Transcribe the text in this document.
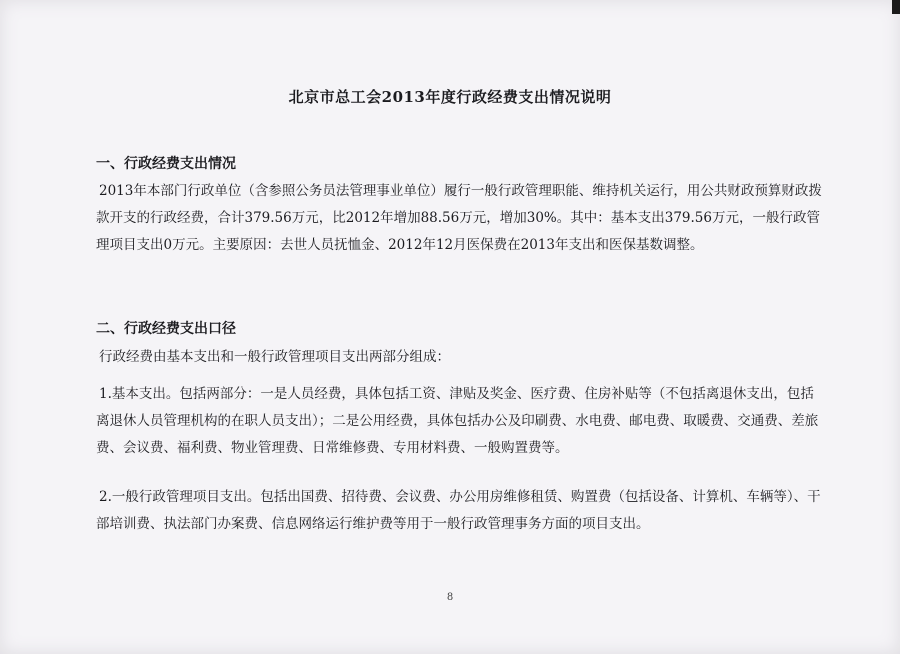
北京市总工会2013年度行政经费支出情况说明
一、行政经费支出情况
2013年本部门行政单位（含参照公务员法管理事业单位）履行一般行政管理职能、维持机关运行，用公共财政预算财政拨款开支的行政经费，合计379.56万元，比2012年增加88.56万元，增加30%。其中：基本支出379.56万元，一般行政管理项目支出0万元。主要原因：去世人员抚恤金、2012年12月医保费在2013年支出和医保基数调整。
二、行政经费支出口径
行政经费由基本支出和一般行政管理项目支出两部分组成：
1.基本支出。包括两部分：一是人员经费，具体包括工资、津贴及奖金、医疗费、住房补贴等（不包括离退休支出，包括离退休人员管理机构的在职人员支出）；二是公用经费，具体包括办公及印刷费、水电费、邮电费、取暖费、交通费、差旅费、会议费、福利费、物业管理费、日常维修费、专用材料费、一般购置费等。
2.一般行政管理项目支出。包括出国费、招待费、会议费、办公用房维修租赁、购置费（包括设备、计算机、车辆等）、干部培训费、执法部门办案费、信息网络运行维护费等用于一般行政管理事务方面的项目支出。
8
